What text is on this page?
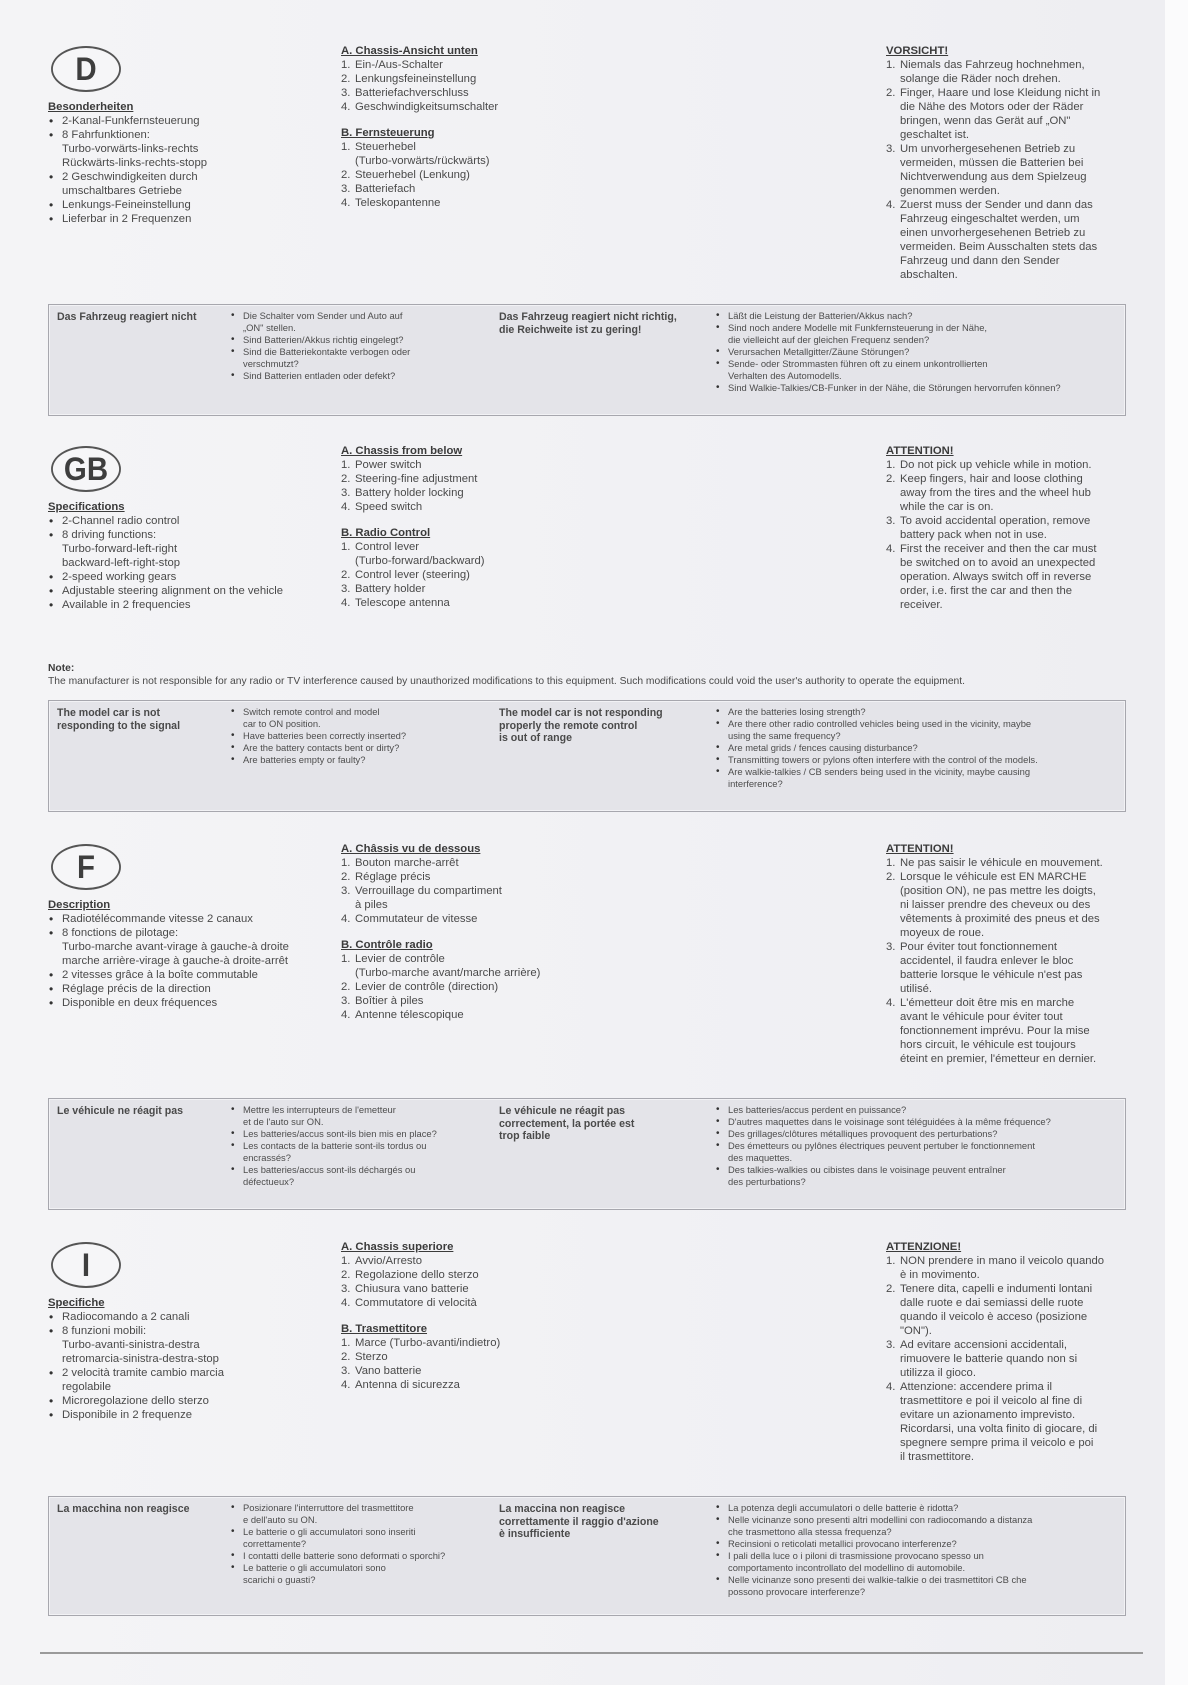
D
Besonderheiten
• 2-Kanal-Funkfernsteuerung
• 8 Fahrfunktionen:
Turbo-vorwärts-links-rechts
Rückwärts-links-rechts-stopp
• 2 Geschwindigkeiten durch
umschaltbares Getriebe
• Lenkungs-Feineinstellung
• Lieferbar in 2 Frequenzen
A. Chassis-Ansicht unten
1. Ein-/Aus-Schalter
2. Lenkungsfeineinstellung
3. Batteriefachverschluss
4. Geschwindigkeitsumschalter
B. Fernsteuerung
1. Steuerhebel
(Turbo-vorwärts/rückwärts)
2. Steuerhebel (Lenkung)
3. Batteriefach
4. Teleskopantenne
VORSICHT!
1. Niemals das Fahrzeug hochnehmen,
solange die Räder noch drehen.
2. Finger, Haare und lose Kleidung nicht in
die Nähe des Motors oder der Räder
bringen, wenn das Gerät auf „ON"
geschaltet ist.
3. Um unvorhergesehenen Betrieb zu
vermeiden, müssen die Batterien bei
Nichtverwendung aus dem Spielzeug
genommen werden.
4. Zuerst muss der Sender und dann das
Fahrzeug eingeschaltet werden, um
einen unvorhergesehenen Betrieb zu
vermeiden. Beim Ausschalten stets das
Fahrzeug und dann den Sender
abschalten.
Das Fahrzeug reagiert nicht	• Die Schalter vom Sender und Auto auf
„ON" stellen.
• Sind Batterien/Akkus richtig eingelegt?
• Sind die Batteriekontakte verbogen oder
verschmutzt?
• Sind Batterien entladen oder defekt?
Das Fahrzeug reagiert nicht richtig,
die Reichweite ist zu gering!
• Läßt die Leistung der Batterien/Akkus nach?
• Sind noch andere Modelle mit Funkfernsteuerung in der Nähe,
die vielleicht auf der gleichen Frequenz senden?
• Verursachen Metallgitter/Zäune Störungen?
• Sende- oder Strommasten führen oft zu einem unkontrollierten
Verhalten des Automodells.
• Sind Walkie-Talkies/CB-Funker in der Nähe, die Störungen hervorrufen können?
GB
Specifications
• 2-Channel radio control
• 8 driving functions:
Turbo-forward-left-right
backward-left-right-stop
• 2-speed working gears
• Adjustable steering alignment on the vehicle
• Available in 2 frequencies
A. Chassis from below
1. Power switch
2. Steering-fine adjustment
3. Battery holder locking
4. Speed switch
B. Radio Control
1. Control lever
(Turbo-forward/backward)
2. Control lever (steering)
3. Battery holder
4. Telescope antenna
ATTENTION!
1. Do not pick up vehicle while in motion.
2. Keep fingers, hair and loose clothing
away from the tires and the wheel hub
while the car is on.
3. To avoid accidental operation, remove
battery pack when not in use.
4. First the receiver and then the car must
be switched on to avoid an unexpected
operation. Always switch off in reverse
order, i.e. first the car and then the
receiver.
Note:
The manufacturer is not responsible for any radio or TV interference caused by unauthorized modifications to this equipment. Such modifications could void the user's authority to operate the equipment.
The model car is not
responding to the signal
• Switch remote control and model
car to ON position.
• Have batteries been correctly inserted?
• Are the battery contacts bent or dirty?
• Are batteries empty or faulty?
The model car is not responding
properly the remote control
is out of range
• Are the batteries losing strength?
• Are there other radio controlled vehicles being used in the vicinity, maybe
using the same frequency?
• Are metal grids / fences causing disturbance?
• Transmitting towers or pylons often interfere with the control of the models.
• Are walkie-talkies / CB senders being used in the vicinity, maybe causing
interference?
F
Description
• Radiotélécommande vitesse 2 canaux
• 8 fonctions de pilotage:
Turbo-marche avant-virage à gauche-à droite
marche arrière-virage à gauche-à droite-arrêt
• 2 vitesses grâce à la boîte commutable
• Réglage précis de la direction
• Disponible en deux fréquences
A. Châssis vu de dessous
1. Bouton marche-arrêt
2. Réglage précis
3. Verrouillage du compartiment
à piles
4. Commutateur de vitesse
B. Contrôle radio
1. Levier de contrôle
(Turbo-marche avant/marche arrière)
2. Levier de contrôle (direction)
3. Boîtier à piles
4. Antenne télescopique
ATTENTION!
1. Ne pas saisir le véhicule en mouvement.
2. Lorsque le véhicule est EN MARCHE
(position ON), ne pas mettre les doigts,
ni laisser prendre des cheveux ou des
vêtements à proximité des pneus et des
moyeux de roue.
3. Pour éviter tout fonctionnement
accidentel, il faudra enlever le bloc
batterie lorsque le véhicule n'est pas
utilisé.
4. L'émetteur doit être mis en marche
avant le véhicule pour éviter tout
fonctionnement imprévu. Pour la mise
hors circuit, le véhicule est toujours
éteint en premier, l'émetteur en dernier.
Le véhicule ne réagit pas	• Mettre les interrupteurs de l'emetteur
et de l'auto sur ON.
• Les batteries/accus sont-ils bien mis en place?
• Les contacts de la batterie sont-ils tordus ou
encrassés?
• Les batteries/accus sont-ils déchargés ou
défectueux?
Le véhicule ne réagit pas
correctement, la portée est
trop faible
• Les batteries/accus perdent en puissance?
• D'autres maquettes dans le voisinage sont téléguidées à la même fréquence?
• Des grillages/clôtures métalliques provoquent des perturbations?
• Des émetteurs ou pylônes électriques peuvent pertuber le fonctionnement
des maquettes.
• Des talkies-walkies ou cibistes dans le voisinage peuvent entraîner
des perturbations?
I
Specifiche
• Radiocomando a 2 canali
• 8 funzioni mobili:
Turbo-avanti-sinistra-destra
retromarcia-sinistra-destra-stop
• 2 velocità tramite cambio marcia
regolabile
• Microregolazione dello sterzo
• Disponibile in 2 frequenze
A. Chassis superiore
1. Avvio/Arresto
2. Regolazione dello sterzo
3. Chiusura vano batterie
4. Commutatore di velocità
B. Trasmettitore
1. Marce (Turbo-avanti/indietro)
2. Sterzo
3. Vano batterie
4. Antenna di sicurezza
ATTENZIONE!
1. NON prendere in mano il veicolo quando
è in movimento.
2. Tenere dita, capelli e indumenti lontani
dalle ruote e dai semiassi delle ruote
quando il veicolo è acceso (posizione
"ON").
3. Ad evitare accensioni accidentali,
rimuovere le batterie quando non si
utilizza il gioco.
4. Attenzione: accendere prima il
trasmettitore e poi il veicolo al fine di
evitare un azionamento imprevisto.
Ricordarsi, una volta finito di giocare, di
spegnere sempre prima il veicolo e poi
il trasmettitore.
La macchina non reagisce	• Posizionare l'interruttore del trasmettitore
e dell'auto su ON.
• Le batterie o gli accumulatori sono inseriti
correttamente?
• I contatti delle batterie sono deformati o sporchi?
• Le batterie o gli accumulatori sono
scarichi o guasti?
La maccina non reagisce
correttamente il raggio d'azione
è insufficiente
• La potenza degli accumulatori o delle batterie è ridotta?
• Nelle vicinanze sono presenti altri modellini con radiocomando a distanza
che trasmettono alla stessa frequenza?
• Recinsioni o reticolati metallici provocano interferenze?
• I pali della luce o i piloni di trasmissione provocano spesso un
comportamento incontrollato del modellino di automobile.
• Nelle vicinanze sono presenti dei walkie-talkie o dei trasmettitori CB che
possono provocare interferenze?
